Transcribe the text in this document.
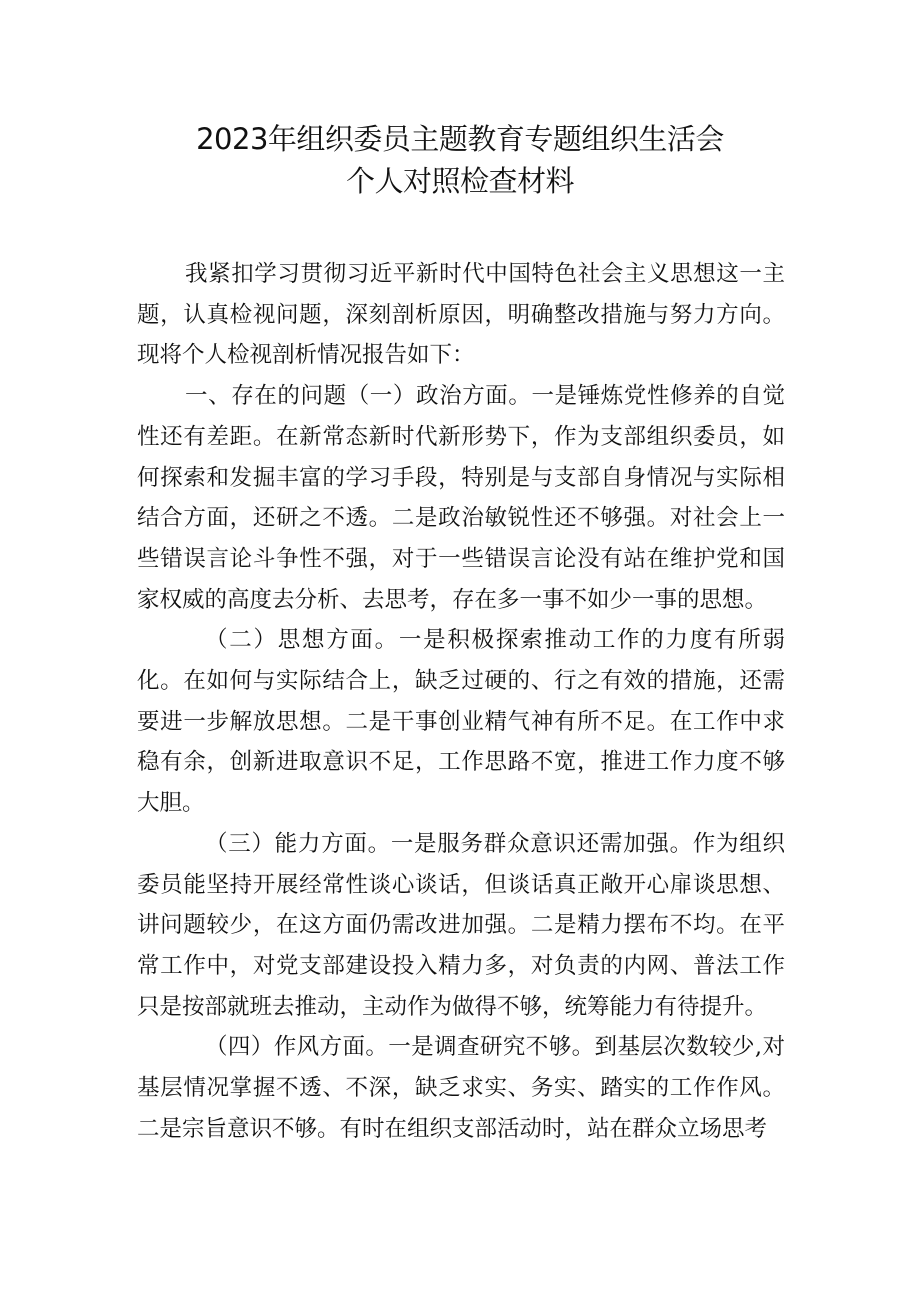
2023年组织委员主题教育专题组织生活会
个人对照检查材料

我紧扣学习贯彻习近平新时代中国特色社会主义思想这一主题，认真检视问题，深刻剖析原因，明确整改措施与努力方向。现将个人检视剖析情况报告如下：

一、存在的问题（一）政治方面。一是锤炼党性修养的自觉性还有差距。在新常态新时代新形势下，作为支部组织委员，如何探索和发掘丰富的学习手段，特别是与支部自身情况与实际相结合方面，还研之不透。二是政治敏锐性还不够强。对社会上一些错误言论斗争性不强，对于一些错误言论没有站在维护党和国家权威的高度去分析、去思考，存在多一事不如少一事的思想。

（二）思想方面。一是积极探索推动工作的力度有所弱化。在如何与实际结合上，缺乏过硬的、行之有效的措施，还需要进一步解放思想。二是干事创业精气神有所不足。在工作中求稳有余，创新进取意识不足，工作思路不宽，推进工作力度不够大胆。

（三）能力方面。一是服务群众意识还需加强。作为组织委员能坚持开展经常性谈心谈话，但谈话真正敞开心扉谈思想、讲问题较少，在这方面仍需改进加强。二是精力摆布不均。在平常工作中，对党支部建设投入精力多，对负责的内网、普法工作只是按部就班去推动，主动作为做得不够，统筹能力有待提升。

（四）作风方面。一是调查研究不够。到基层次数较少,对基层情况掌握不透、不深，缺乏求实、务实、踏实的工作作风。二是宗旨意识不够。有时在组织支部活动时，站在群众立场思考
